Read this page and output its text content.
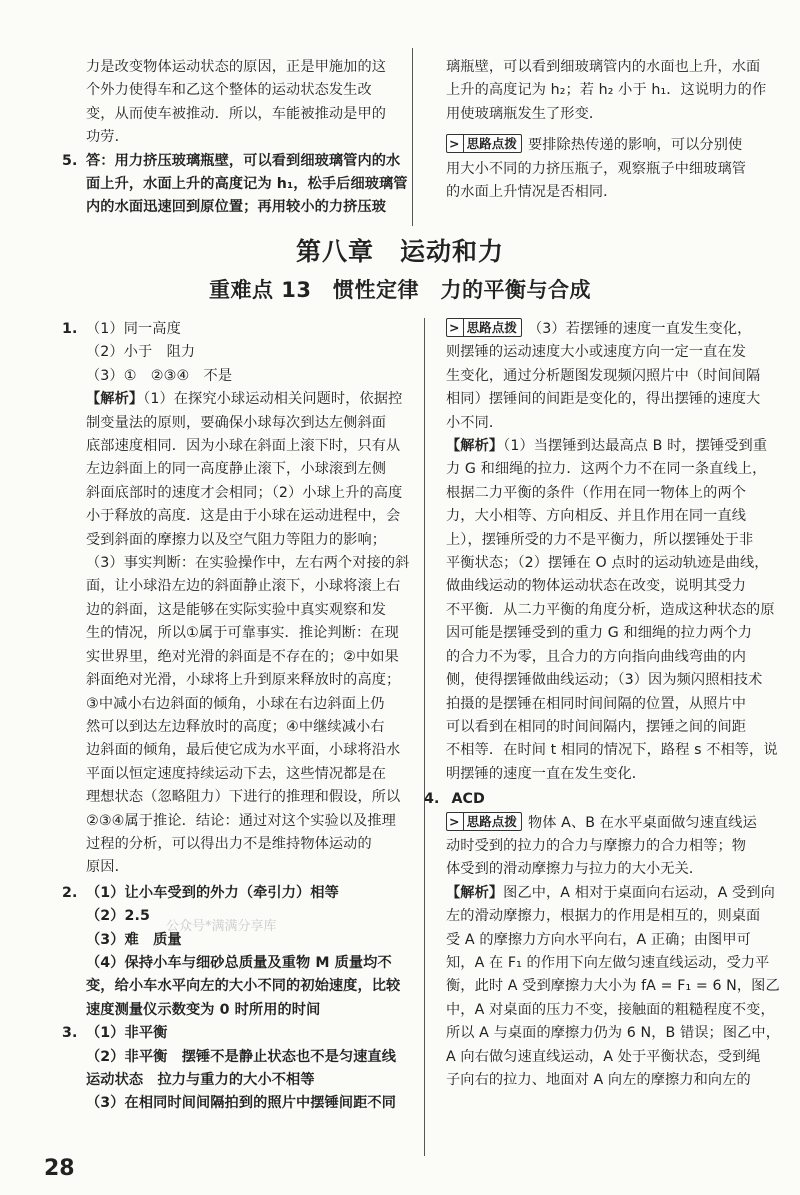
力是改变物体运动状态的原因，正是甲施加的这

个外力使得车和乙这个整体的运动状态发生改

变，从而使车被推动．所以，车能被推动是甲的

功劳．

5. 答：用力挤压玻璃瓶壁，可以看到细玻璃管内的水

面上升，水面上升的高度记为 h₁，松手后细玻璃管

内的水面迅速回到原位置；再用较小的力挤压玻

璃瓶壁，可以看到细玻璃管内的水面也上升，水面

上升的高度记为 h₂；若 h₂ 小于 h₁．这说明力的作

用使玻璃瓶发生了形变．

> 思路点拨 要排除热传递的影响，可以分别使

用大小不同的力挤压瓶子，观察瓶子中细玻璃管

的水面上升情况是否相同．

第八章　运动和力
重难点 13　惯性定律　力的平衡与合成
1. （1）同一高度

（2）小于　阻力

（3）①　②③④　不是

【解析】（1）在探究小球运动相关问题时，依据控

制变量法的原则，要确保小球每次到达左侧斜面

底部速度相同．因为小球在斜面上滚下时，只有从

左边斜面上的同一高度静止滚下，小球滚到左侧

斜面底部时的速度才会相同；（2）小球上升的高度

小于释放的高度．这是由于小球在运动进程中，会

受到斜面的摩擦力以及空气阻力等阻力的影响；

（3）事实判断：在实验操作中，左右两个对接的斜

面，让小球沿左边的斜面静止滚下，小球将滚上右

边的斜面，这是能够在实际实验中真实观察和发

生的情况，所以①属于可靠事实．推论判断：在现

实世界里，绝对光滑的斜面是不存在的；②中如果

斜面绝对光滑，小球将上升到原来释放时的高度；

③中减小右边斜面的倾角，小球在右边斜面上仍

然可以到达左边释放时的高度；④中继续减小右

边斜面的倾角，最后使它成为水平面，小球将沿水

平面以恒定速度持续运动下去，这些情况都是在

理想状态（忽略阻力）下进行的推理和假设，所以

②③④属于推论．结论：通过对这个实验以及推理

过程的分析，可以得出力不是维持物体运动的

原因．

2. （1）让小车受到的外力（牵引力）相等

（2）2.5

（3）难　质量

（4）保持小车与细砂总质量及重物 M 质量均不

变，给小车水平向左的大小不同的初始速度，比较

速度测量仪示数变为 0 时所用的时间

3. （1）非平衡

（2）非平衡　摆锤不是静止状态也不是匀速直线

运动状态　拉力与重力的大小不相等

（3）在相同时间间隔拍到的照片中摆锤间距不同

公众号*满满分享库

> 思路点拨 （3）若摆锤的速度一直发生变化，

则摆锤的运动速度大小或速度方向一定一直在发

生变化，通过分析题图发现频闪照片中（时间间隔

相同）摆锤间的间距是变化的，得出摆锤的速度大

小不同．

【解析】（1）当摆锤到达最高点 B 时，摆锤受到重

力 G 和细绳的拉力．这两个力不在同一条直线上，

根据二力平衡的条件（作用在同一物体上的两个

力，大小相等、方向相反、并且作用在同一直线

上），摆锤所受的力不是平衡力，所以摆锤处于非

平衡状态；（2）摆锤在 O 点时的运动轨迹是曲线，

做曲线运动的物体运动状态在改变，说明其受力

不平衡．从二力平衡的角度分析，造成这种状态的原

因可能是摆锤受到的重力 G 和细绳的拉力两个力

的合力不为零，且合力的方向指向曲线弯曲的内

侧，使得摆锤做曲线运动；（3）因为频闪照相技术

拍摄的是摆锤在相同时间间隔的位置，从照片中

可以看到在相同的时间间隔内，摆锤之间的间距

不相等．在时间 t 相同的情况下，路程 s 不相等，说

明摆锤的速度一直在发生变化．

4. ACD

> 思路点拨 物体 A、B 在水平桌面做匀速直线运

动时受到的拉力的合力与摩擦力的合力相等；物

体受到的滑动摩擦力与拉力的大小无关．

【解析】图乙中，A 相对于桌面向右运动，A 受到向

左的滑动摩擦力，根据力的作用是相互的，则桌面

受 A 的摩擦力方向水平向右，A 正确；由图甲可

知，A 在 F₁ 的作用下向左做匀速直线运动，受力平

衡，此时 A 受到摩擦力大小为 fA = F₁ = 6 N，图乙

中，A 对桌面的压力不变，接触面的粗糙程度不变，

所以 A 与桌面的摩擦力仍为 6 N，B 错误；图乙中，

A 向右做匀速直线运动，A 处于平衡状态，受到绳

子向右的拉力、地面对 A 向左的摩擦力和向左的

28
